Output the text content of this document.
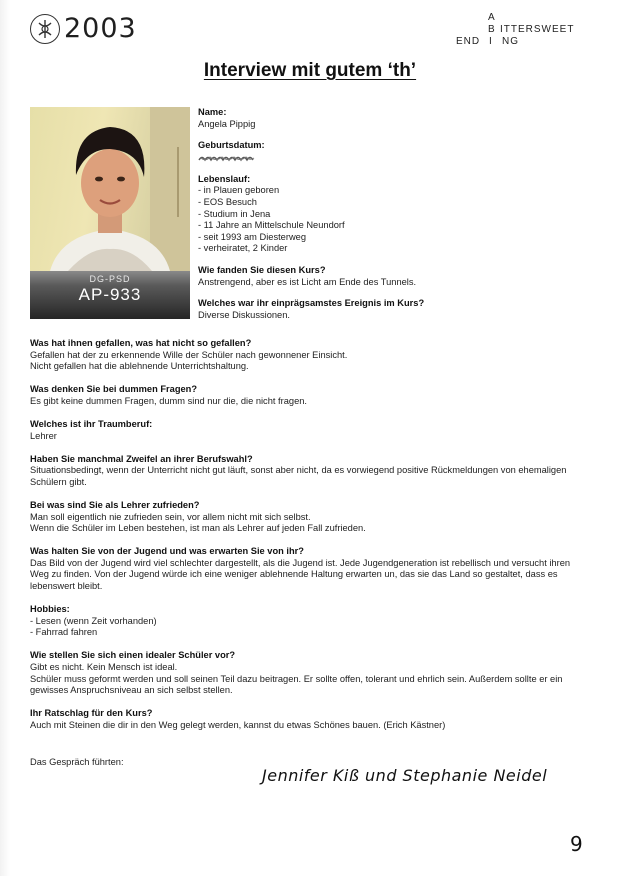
2003	A
B ITTERSWEET
END I NG
Interview mit gutem ‘th’
DG-PSD
AP-933
Name:
Angela Pippig
Geburtsdatum:
Lebenslauf:
- in Plauen geboren
- EOS Besuch
- Studium in Jena
- 11 Jahre an Mittelschule Neundorf
- seit 1993 am Diesterweg
- verheiratet, 2 Kinder
Wie fanden Sie diesen Kurs?
Anstrengend, aber es ist Licht am Ende des Tunnels.
Welches war ihr einprägsamstes Ereignis im Kurs?
Diverse Diskussionen.
Was hat ihnen gefallen, was hat nicht so gefallen?
Gefallen hat der zu erkennende Wille der Schüler nach gewonnener Einsicht.
Nicht gefallen hat die ablehnende Unterrichtshaltung.
Was denken Sie bei dummen Fragen?
Es gibt keine dummen Fragen, dumm sind nur die, die nicht fragen.
Welches ist ihr Traumberuf:
Lehrer
Haben Sie manchmal Zweifel an ihrer Berufswahl?
Situationsbedingt, wenn der Unterricht nicht gut läuft, sonst aber nicht, da es vorwiegend positive Rückmeldungen von ehemaligen Schülern gibt.
Bei was sind Sie als Lehrer zufrieden?
Man soll eigentlich nie zufrieden sein, vor allem nicht mit sich selbst.
Wenn die Schüler im Leben bestehen, ist man als Lehrer auf jeden Fall zufrieden.
Was halten Sie von der Jugend und was erwarten Sie von ihr?
Das Bild von der Jugend wird viel schlechter dargestellt, als die Jugend ist. Jede Jugendgeneration ist rebellisch und versucht ihren Weg zu finden. Von der Jugend würde ich eine weniger ablehnende Haltung erwarten un, das sie das Land so gestaltet, dass es lebenswert bleibt.
Hobbies:
- Lesen (wenn Zeit vorhanden)
- Fahrrad fahren
Wie stellen Sie sich einen idealer Schüler vor?
Gibt es nicht. Kein Mensch ist ideal.
Schüler muss geformt werden und soll seinen Teil dazu beitragen. Er sollte offen, tolerant und ehrlich sein. Außerdem sollte er ein gewisses Anspruchsniveau an sich selbst stellen.
Ihr Ratschlag für den Kurs?
Auch mit Steinen die dir in den Weg gelegt werden, kannst du etwas Schönes bauen. (Erich Kästner)
Das Gespräch führten:
Jennifer Kiß und Stephanie Neidel
9
